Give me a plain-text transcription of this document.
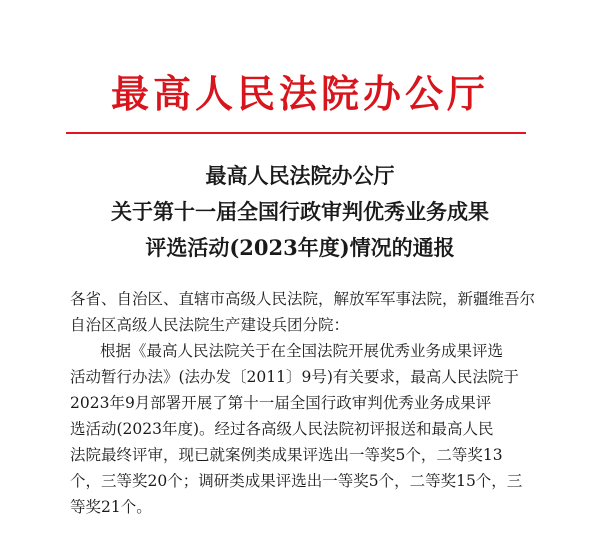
最高人民法院办公厅
最高人民法院办公厅
关于第十一届全国行政审判优秀业务成果
评选活动(2023年度)情况的通报
各省、自治区、直辖市高级人民法院，解放军军事法院，新疆维吾尔
自治区高级人民法院生产建设兵团分院：
根据《最高人民法院关于在全国法院开展优秀业务成果评选
活动暂行办法》(法办发〔2011〕9号)有关要求，最高人民法院于
2023年9月部署开展了第十一届全国行政审判优秀业务成果评
选活动(2023年度)。经过各高级人民法院初评报送和最高人民
法院最终评审，现已就案例类成果评选出一等奖5个，二等奖13
个，三等奖20个；调研类成果评选出一等奖5个，二等奖15个，三
等奖21个。
